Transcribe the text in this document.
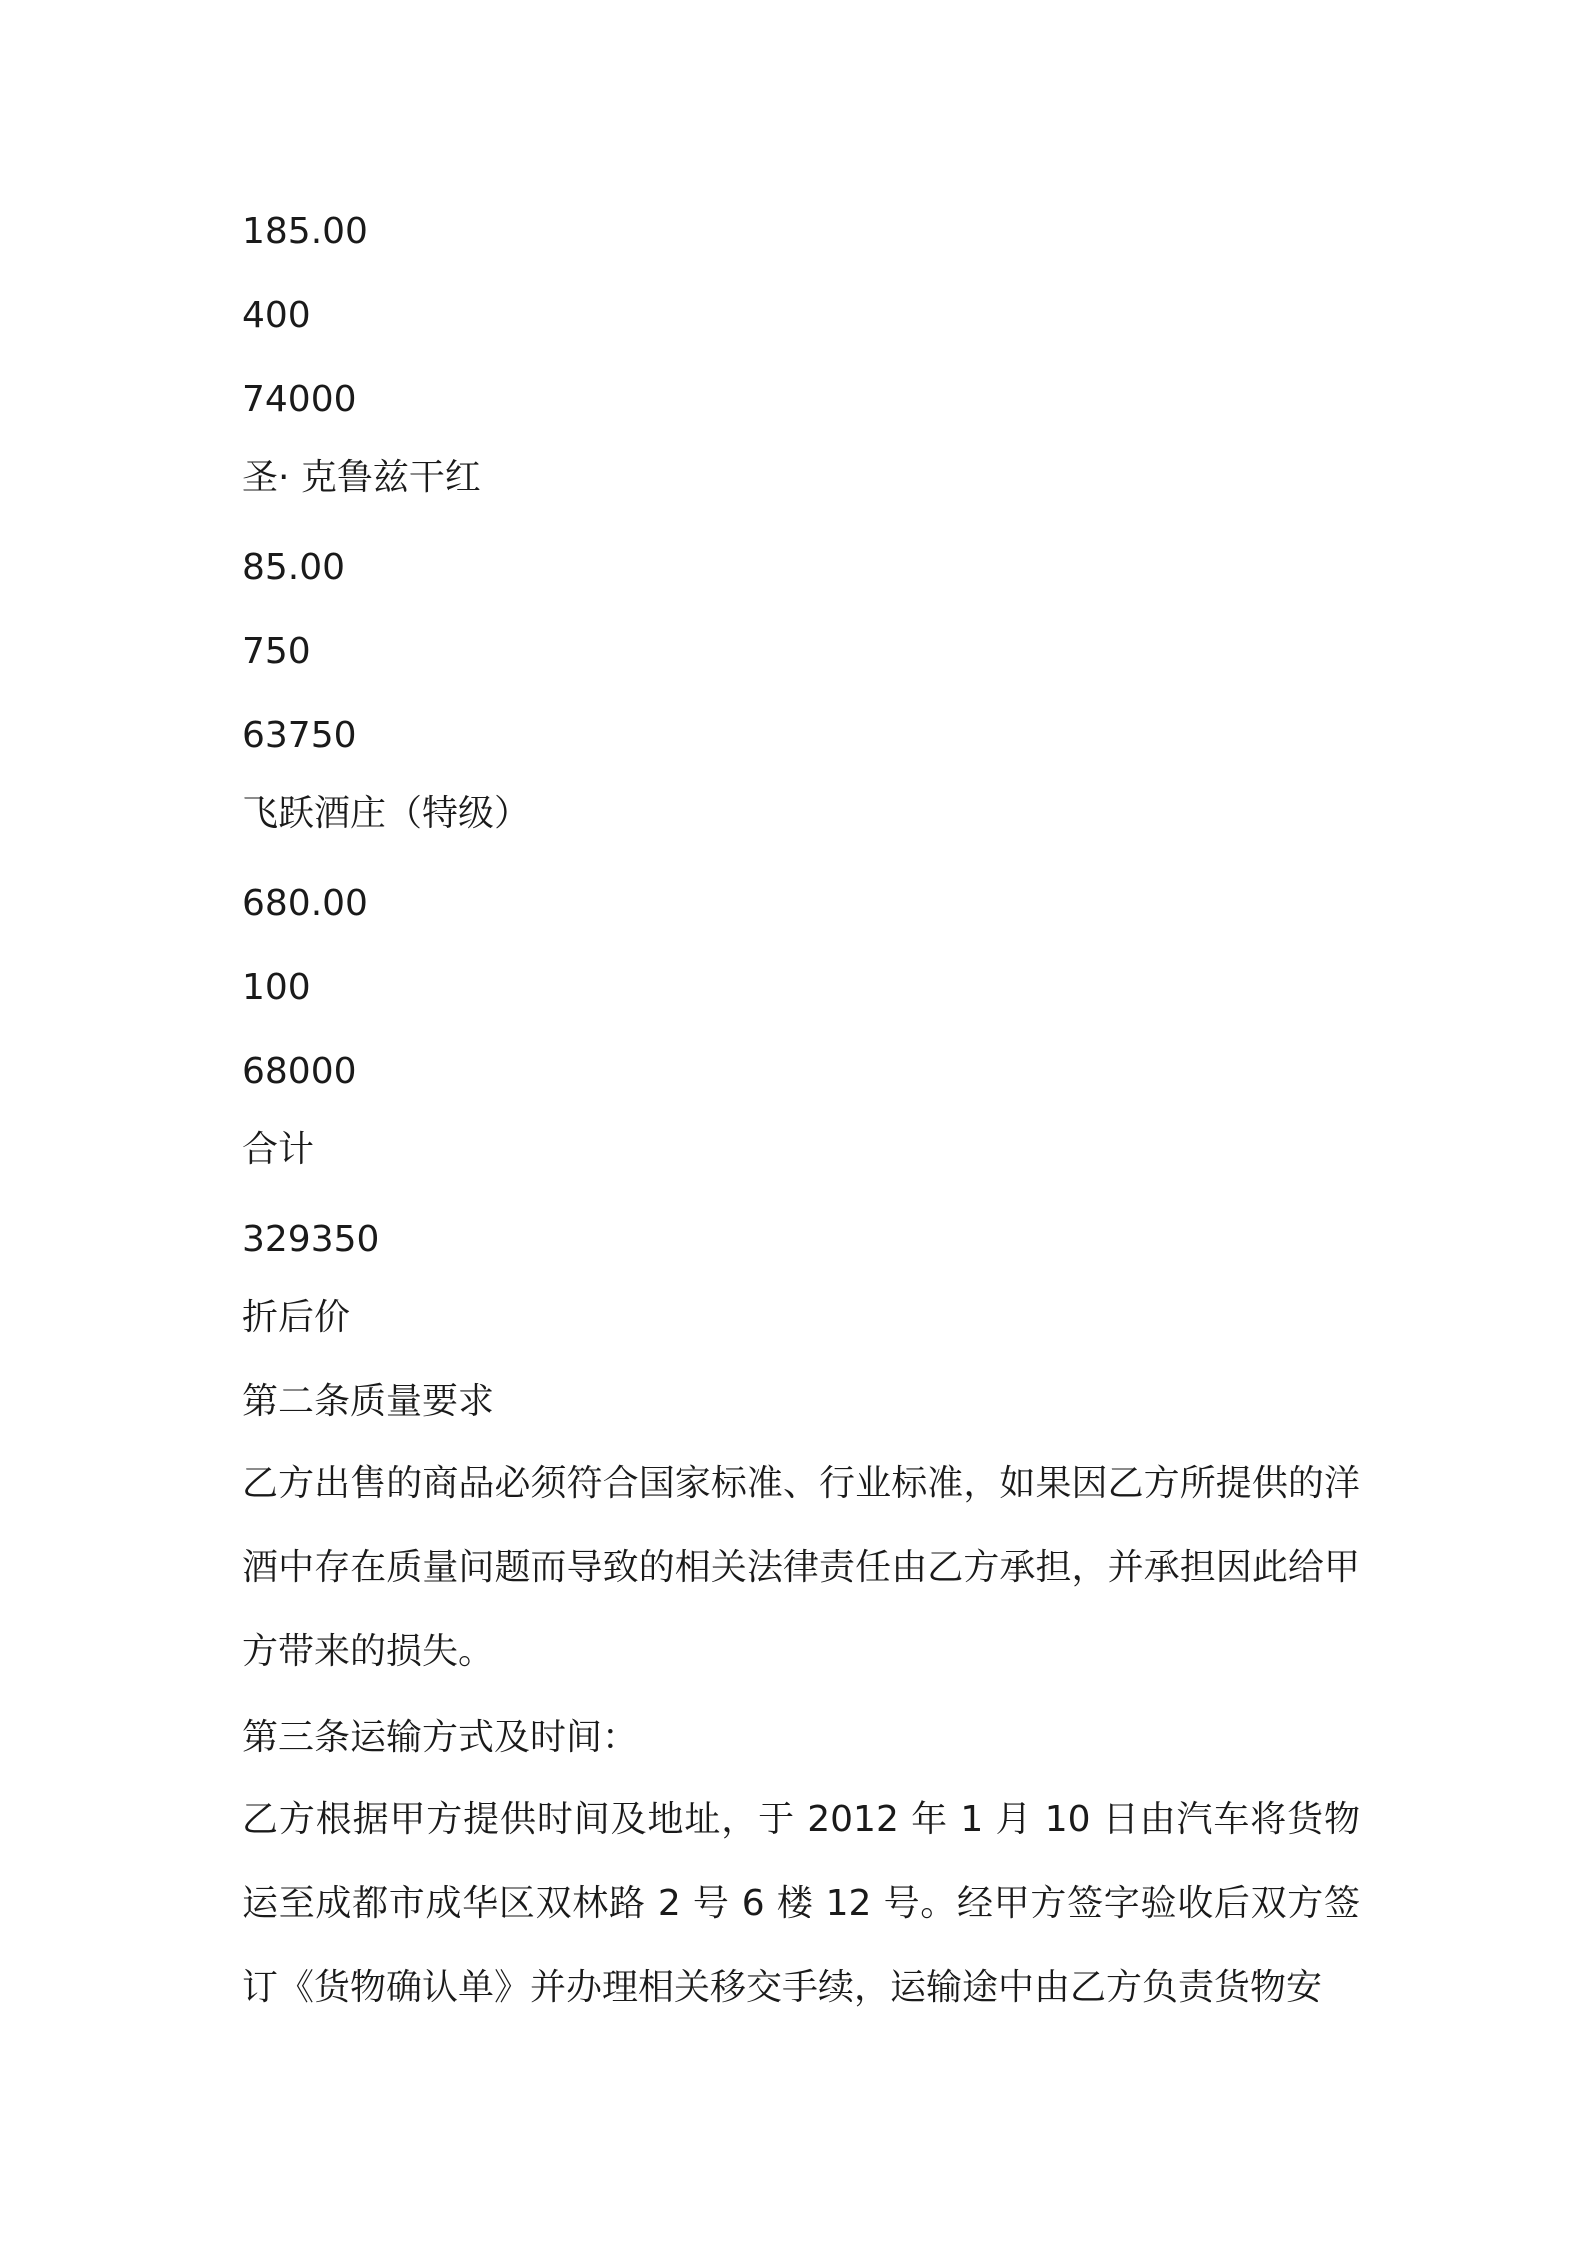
185.00
400
74000
圣· 克鲁兹干红
85.00
750
63750
飞跃酒庄（特级）
680.00
100
68000
合计
329350
折后价
第二条质量要求
乙方出售的商品必须符合国家标准、行业标准，如果因乙方所提供的洋酒中存在质量问题而导致的相关法律责任由乙方承担，并承担因此给甲方带来的损失。
第三条运输方式及时间：
乙方根据甲方提供时间及地址，于 2012 年 1 月 10 日由汽车将货物运至成都市成华区双林路 2 号 6 楼 12 号。经甲方签字验收后双方签订《货物确认单》并办理相关移交手续，运输途中由乙方负责货物安
